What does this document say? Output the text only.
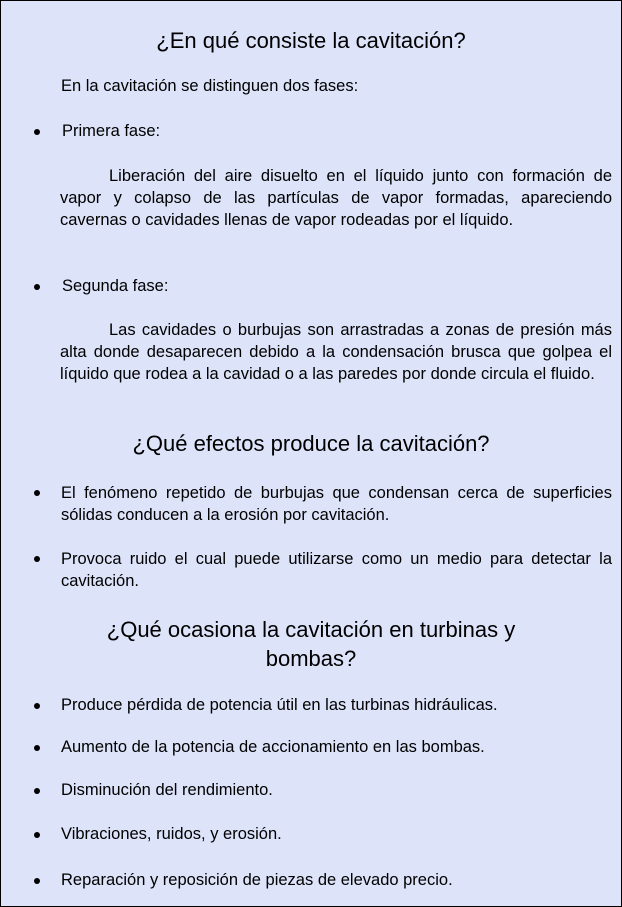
¿En qué consiste la cavitación?

En la cavitación se distinguen dos fases:

Primera fase:

Liberación del aire disuelto en el líquido junto con formación de vapor y colapso de las partículas de vapor formadas, apareciendo cavernas o cavidades llenas de vapor rodeadas por el líquido.

Segunda fase:

Las cavidades o burbujas son arrastradas a zonas de presión más alta donde desaparecen debido a la condensación brusca que golpea el líquido que rodea a la cavidad o a las paredes por donde circula el fluido.

¿Qué efectos produce la cavitación?

El fenómeno repetido de burbujas que condensan cerca de superficies sólidas conducen a la erosión por cavitación.

Provoca ruido el cual puede utilizarse como un medio para detectar la cavitación.

¿Qué ocasiona la cavitación en turbinas y
bombas?

Produce pérdida de potencia útil en las turbinas hidráulicas.

Aumento de la potencia de accionamiento en las bombas.

Disminución del rendimiento.

Vibraciones, ruidos, y erosión.

Reparación y reposición de piezas de elevado precio.
